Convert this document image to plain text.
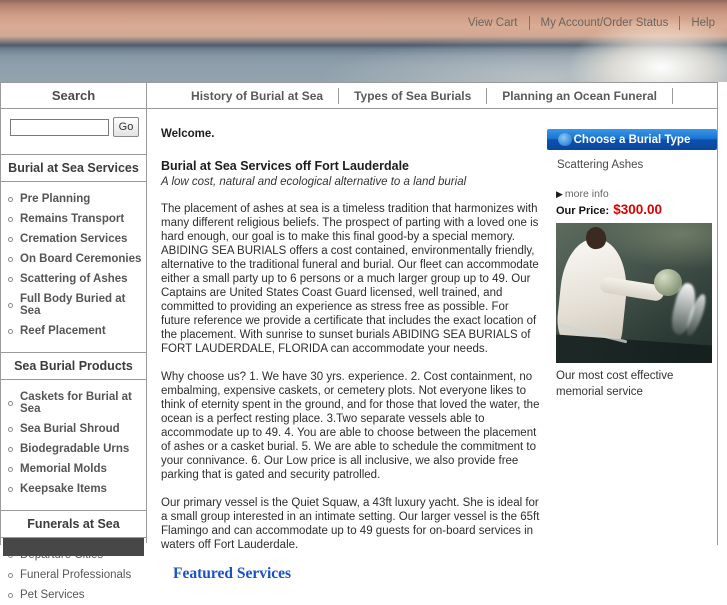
View Cart My Account/Order Status Help
Search	History of Burial at Sea	Types of Sea Burials	Planning an Ocean Funeral
Go
Burial at Sea Services
Pre Planning
Remains Transport
Cremation Services
On Board Ceremonies
Scattering of Ashes
Full Body Buried at Sea
Reef Placement
Sea Burial Products
Caskets for Burial at Sea
Sea Burial Shroud
Biodegradable Urns
Memorial Molds
Keepsake Items
Funerals at Sea
Funeral Professionals
Pet Services
Welcome.
Burial at Sea Services off Fort Lauderdale
A low cost, natural and ecological alternative to a land burial

The placement of ashes at sea is a timeless tradition that harmonizes with many different religious beliefs. The prospect of parting with a loved one is hard enough, our goal is to make this final good-by a special memory. ABIDING SEA BURIALS offers a cost contained, environmentally friendly, alternative to the traditional funeral and burial. Our fleet can accommodate either a small party up to 6 persons or a much larger group up to 49. Our Captains are United States Coast Guard licensed, well trained, and committed to providing an experience as stress free as possible. For future reference we provide a certificate that includes the exact location of the placement. With sunrise to sunset burials ABIDING SEA BURIALS of FORT LAUDERDALE, FLORIDA can accommodate your needs.

Why choose us? 1. We have 30 yrs. experience. 2. Cost containment, no embalming, expensive caskets, or cemetery plots. Not everyone likes to think of eternity spent in the ground, and for those that loved the water, the ocean is a perfect resting place. 3.Two separate vessels able to accommodate up to 49. 4. You are able to choose between the placement of ashes or a casket burial. 5. We are able to schedule the commitment to your connivance. 6. Our Low price is all inclusive, we also provide free parking that is gated and security patrolled.

Our primary vessel is the Quiet Squaw, a 43ft luxury yacht. She is ideal for a small group interested in an intimate setting. Our larger vessel is the 65ft Flamingo and can accommodate up to 49 guests for on-board services in waters off Fort Lauderdale.

Featured Services
Choose a Burial Type
Scattering Ashes
▶ more info
Our Price: $300.00
Our most cost effective memorial service
